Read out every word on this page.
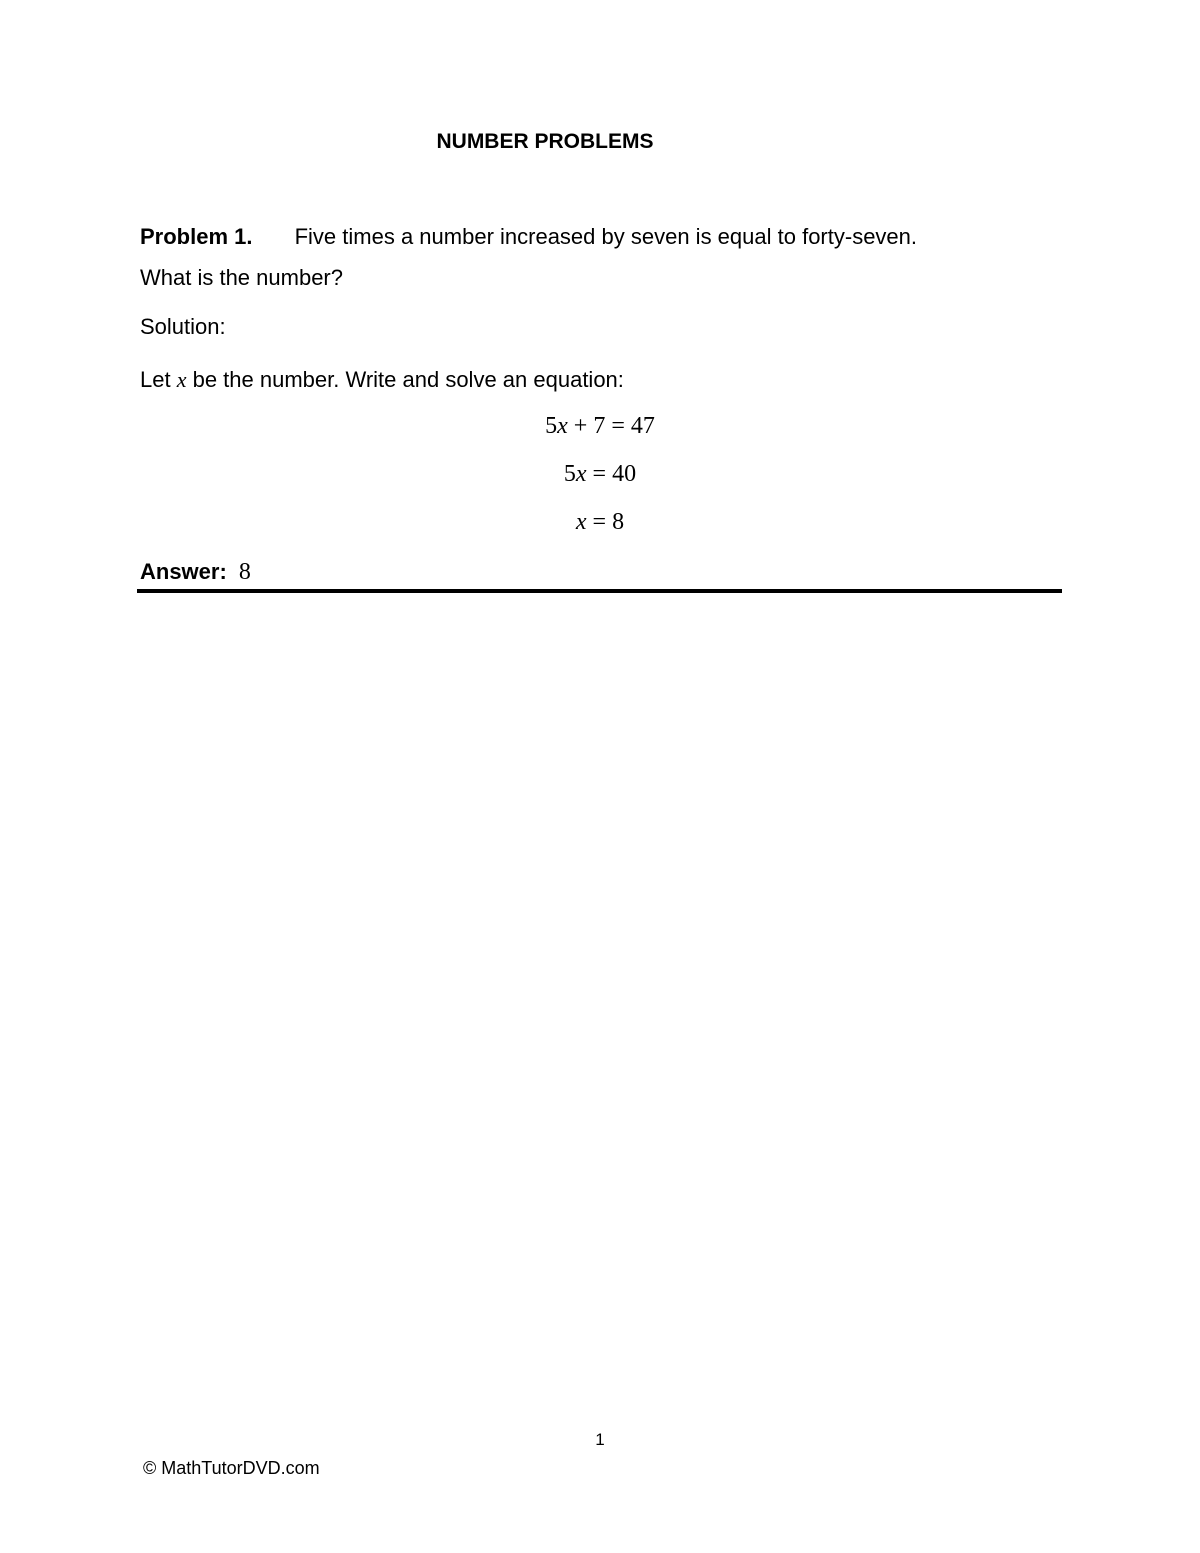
NUMBER PROBLEMS
Problem 1. Five times a number increased by seven is equal to forty-seven.
What is the number?
Solution:
Let x be the number. Write and solve an equation:
5x + 7 = 47
5x = 40
x = 8
Answer: 8
1
© MathTutorDVD.com
